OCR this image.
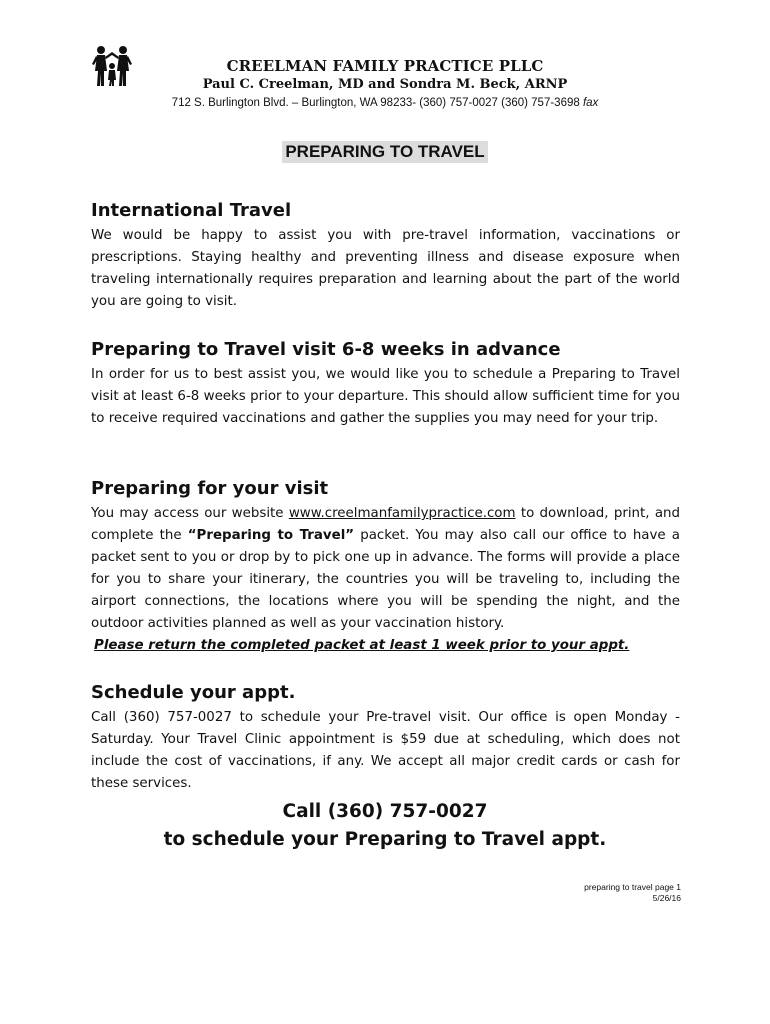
CREELMAN FAMILY PRACTICE PLLC
Paul C. Creelman, MD and Sondra M. Beck, ARNP
712 S. Burlington Blvd. – Burlington, WA 98233- (360) 757-0027 (360) 757-3698 fax
PREPARING TO TRAVEL
International Travel

We would be happy to assist you with pre-travel information, vaccinations or prescriptions. Staying healthy and preventing illness and disease exposure when traveling internationally requires preparation and learning about the part of the world you are going to visit.

Preparing to Travel visit 6-8 weeks in advance

In order for us to best assist you, we would like you to schedule a Preparing to Travel visit at least 6-8 weeks prior to your departure. This should allow sufficient time for you to receive required vaccinations and gather the supplies you may need for your trip.

Preparing for your visit

You may access our website www.creelmanfamilypractice.com to download, print, and complete the “Preparing to Travel” packet. You may also call our office to have a packet sent to you or drop by to pick one up in advance. The forms will provide a place for you to share your itinerary, the countries you will be traveling to, including the airport connections, the locations where you will be spending the night, and the outdoor activities planned as well as your vaccination history.

Please return the completed packet at least 1 week prior to your appt.

Schedule your appt.

Call (360) 757-0027 to schedule your Pre-travel visit. Our office is open Monday - Saturday. Your Travel Clinic appointment is $59 due at scheduling, which does not include the cost of vaccinations, if any. We accept all major credit cards or cash for these services.

Call (360) 757-0027
to schedule your Preparing to Travel appt.
preparing to travel page 1
5/26/16
